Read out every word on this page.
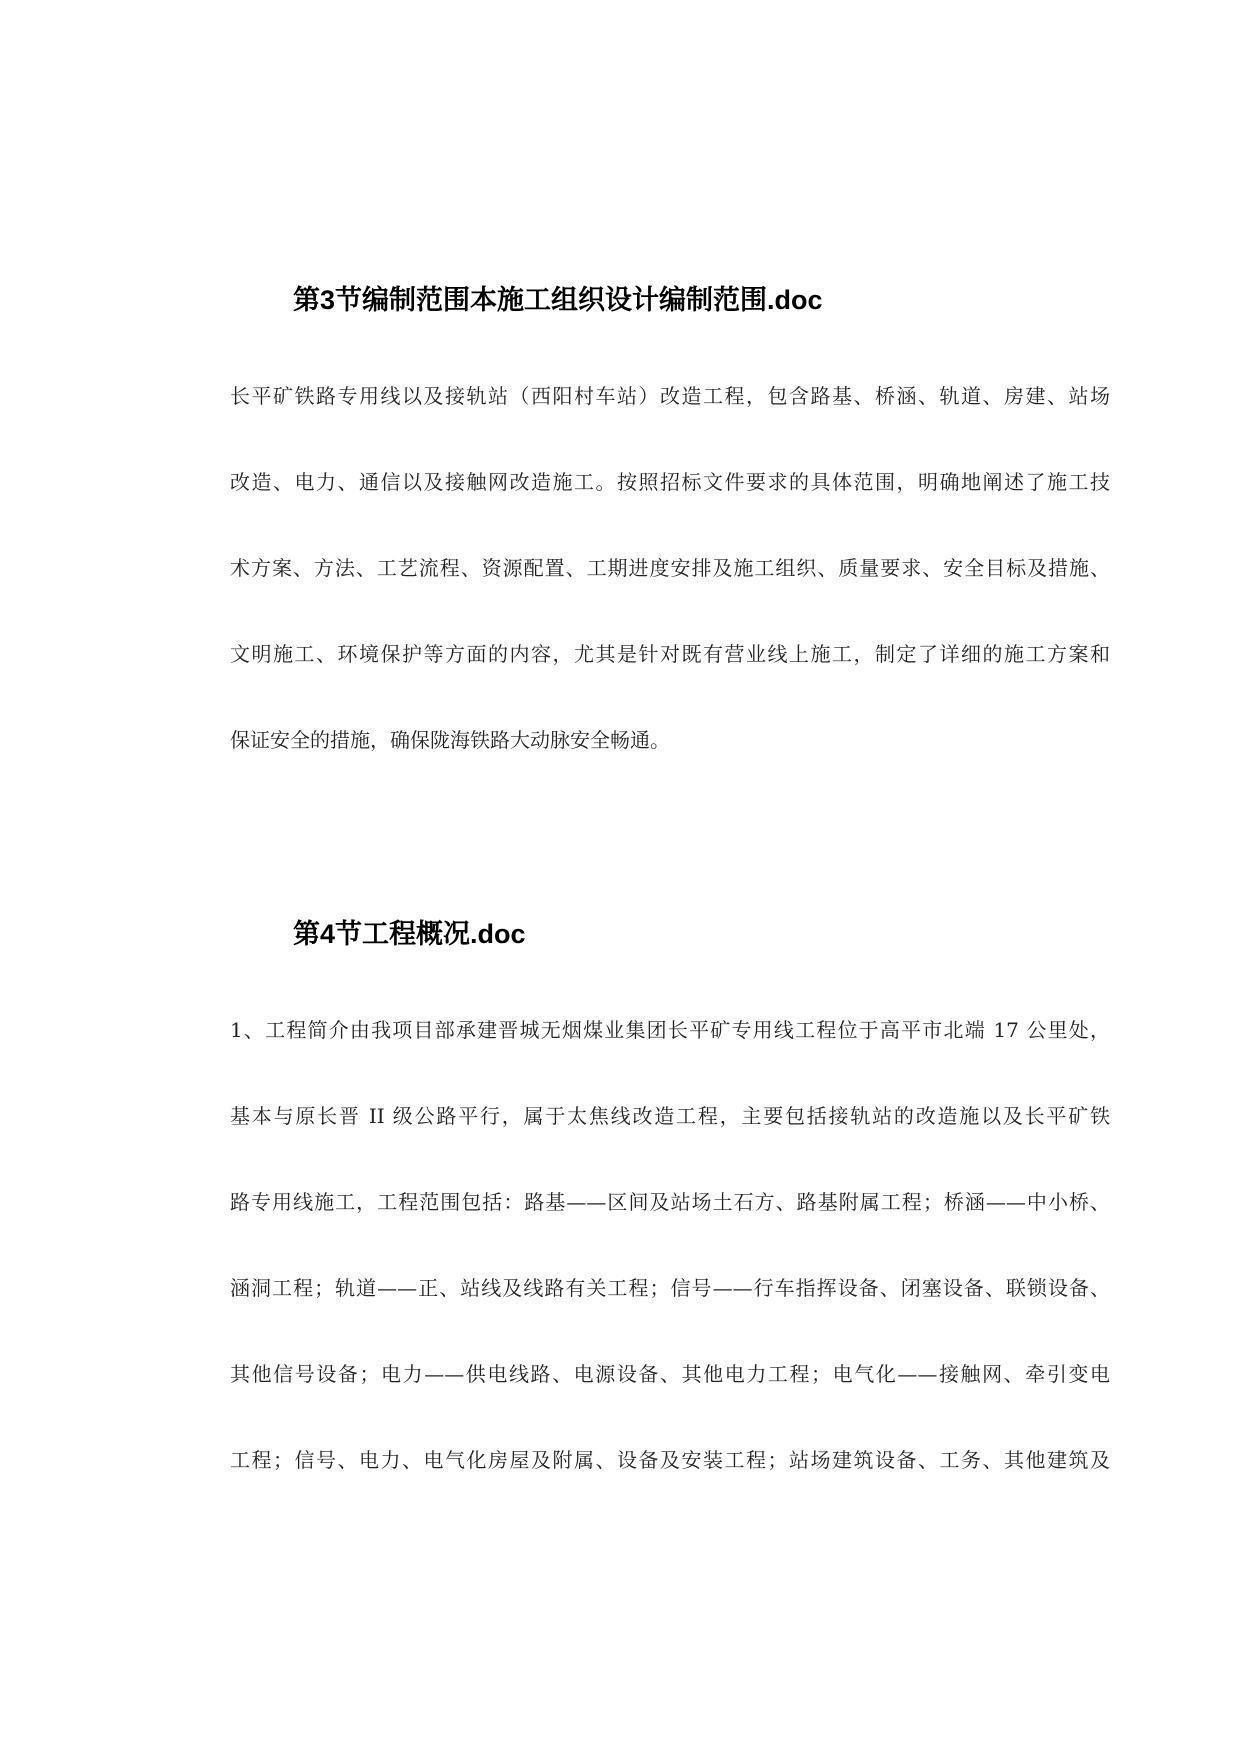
第3节编制范围本施工组织设计编制范围.doc
长平矿铁路专用线以及接轨站（西阳村车站）改造工程，包含路基、桥涵、轨道、房建、站场
改造、电力、通信以及接触网改造施工。按照招标文件要求的具体范围，明确地阐述了施工技
术方案、方法、工艺流程、资源配置、工期进度安排及施工组织、质量要求、安全目标及措施、
文明施工、环境保护等方面的内容，尤其是针对既有营业线上施工，制定了详细的施工方案和
保证安全的措施，确保陇海铁路大动脉安全畅通。
第4节工程概况.doc
1、工程简介由我项目部承建晋城无烟煤业集团长平矿专用线工程位于高平市北端 17 公里处，
基本与原长晋 II 级公路平行，属于太焦线改造工程，主要包括接轨站的改造施以及长平矿铁
路专用线施工，工程范围包括：路基——区间及站场土石方、路基附属工程；桥涵——中小桥、
涵洞工程；轨道——正、站线及线路有关工程；信号——行车指挥设备、闭塞设备、联锁设备、
其他信号设备；电力——供电线路、电源设备、其他电力工程；电气化——接触网、牵引变电
工程；信号、电力、电气化房屋及附属、设备及安装工程；站场建筑设备、工务、其他建筑及
